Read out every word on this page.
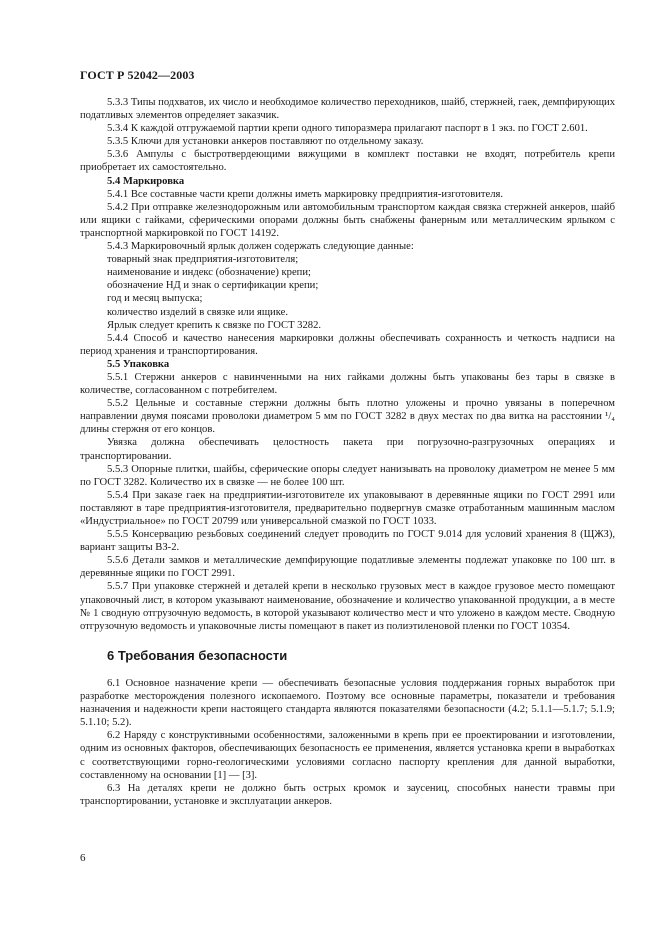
ГОСТ Р 52042—2003

5.3.3 Типы подхватов, их число и необходимое количество переходников, шайб, стержней, гаек, демпфирующих податливых элементов определяет заказчик.

5.3.4 К каждой отгружаемой партии крепи одного типоразмера прилагают паспорт в 1 экз. по ГОСТ 2.601.

5.3.5 Ключи для установки анкеров поставляют по отдельному заказу.

5.3.6 Ампулы с быстротвердеющими вяжущими в комплект поставки не входят, потребитель крепи приобретает их самостоятельно.

5.4 Маркировка

5.4.1 Все составные части крепи должны иметь маркировку предприятия-изготовителя.

5.4.2 При отправке железнодорожным или автомобильным транспортом каждая связка стержней анкеров, шайб или ящики с гайками, сферическими опорами должны быть снабжены фанерным или металлическим ярлыком с транспортной маркировкой по ГОСТ 14192.

5.4.3 Маркировочный ярлык должен содержать следующие данные:

товарный знак предприятия-изготовителя;

наименование и индекс (обозначение) крепи;

обозначение НД и знак о сертификации крепи;

год и месяц выпуска;

количество изделий в связке или ящике.

Ярлык следует крепить к связке по ГОСТ 3282.

5.4.4 Способ и качество нанесения маркировки должны обеспечивать сохранность и четкость надписи на период хранения и транспортирования.

5.5 Упаковка

5.5.1 Стержни анкеров с навинченными на них гайками должны быть упакованы без тары в связке в количестве, согласованном с потребителем.

5.5.2 Цельные и составные стержни должны быть плотно уложены и прочно увязаны в поперечном направлении двумя поясами проволоки диаметром 5 мм по ГОСТ 3282 в двух местах по два витка на расстоянии ¹/₄ длины стержня от его концов.

Увязка должна обеспечивать целостность пакета при погрузочно-разгрузочных операциях и транспортировании.

5.5.3 Опорные плитки, шайбы, сферические опоры следует нанизывать на проволоку диаметром не менее 5 мм по ГОСТ 3282. Количество их в связке — не более 100 шт.

5.5.4 При заказе гаек на предприятии-изготовителе их упаковывают в деревянные ящики по ГОСТ 2991 или поставляют в таре предприятия-изготовителя, предварительно подвергнув смазке отработанным машинным маслом «Индустриальное» по ГОСТ 20799 или универсальной смазкой по ГОСТ 1033.

5.5.5 Консервацию резьбовых соединений следует проводить по ГОСТ 9.014 для условий хранения 8 (ЩЖЗ), вариант защиты ВЗ-2.

5.5.6 Детали замков и металлические демпфирующие податливые элементы подлежат упаковке по 100 шт. в деревянные ящики по ГОСТ 2991.

5.5.7 При упаковке стержней и деталей крепи в несколько грузовых мест в каждое грузовое место помещают упаковочный лист, в котором указывают наименование, обозначение и количество упакованной продукции, а в месте № 1 сводную отгрузочную ведомость, в которой указывают количество мест и что уложено в каждом месте. Сводную отгрузочную ведомость и упаковочные листы помещают в пакет из полиэтиленовой пленки по ГОСТ 10354.

6 Требования безопасности

6.1 Основное назначение крепи — обеспечивать безопасные условия поддержания горных выработок при разработке месторождения полезного ископаемого. Поэтому все основные параметры, показатели и требования назначения и надежности крепи настоящего стандарта являются показателями безопасности (4.2; 5.1.1—5.1.7; 5.1.9; 5.1.10; 5.2).

6.2 Наряду с конструктивными особенностями, заложенными в крепь при ее проектировании и изготовлении, одним из основных факторов, обеспечивающих безопасность ее применения, является установка крепи в выработках с соответствующими горно-геологическими условиями согласно паспорту крепления для данной выработки, составленному на основании [1] — [3].

6.3 На деталях крепи не должно быть острых кромок и заусениц, способных нанести травмы при транспортировании, установке и эксплуатации анкеров.

6
